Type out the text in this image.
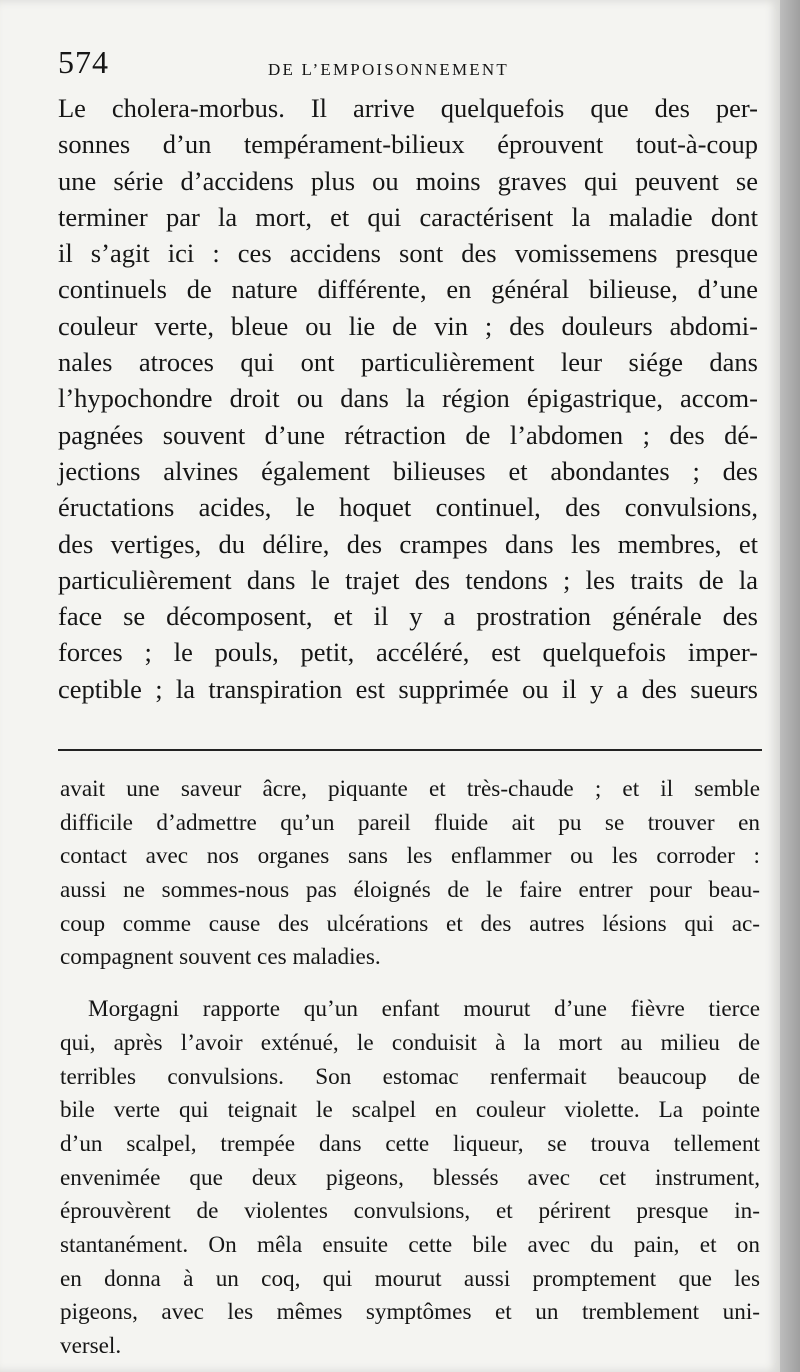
574	DE L’EMPOISONNEMENT
Le cholera-morbus. Il arrive quelquefois que des per-
sonnes d’un tempérament-bilieux éprouvent tout-à-coup
une série d’accidens plus ou moins graves qui peuvent se
terminer par la mort, et qui caractérisent la maladie dont
il s’agit ici : ces accidens sont des vomissemens presque
continuels de nature différente, en général bilieuse, d’une
couleur verte, bleue ou lie de vin ; des douleurs abdomi-
nales atroces qui ont particulièrement leur siége dans
l’hypochondre droit ou dans la région épigastrique, accom-
pagnées souvent d’une rétraction de l’abdomen ; des dé-
jections alvines également bilieuses et abondantes ; des
éructations acides, le hoquet continuel, des convulsions,
des vertiges, du délire, des crampes dans les membres, et
particulièrement dans le trajet des tendons ; les traits de la
face se décomposent, et il y a prostration générale des
forces ; le pouls, petit, accéléré, est quelquefois imper-
ceptible ; la transpiration est supprimée ou il y a des sueurs
avait une saveur âcre, piquante et très-chaude ; et il semble
difficile d’admettre qu’un pareil fluide ait pu se trouver en
contact avec nos organes sans les enflammer ou les corroder :
aussi ne sommes-nous pas éloignés de le faire entrer pour beau-
coup comme cause des ulcérations et des autres lésions qui ac-
compagnent souvent ces maladies.
Morgagni rapporte qu’un enfant mourut d’une fièvre tierce
qui, après l’avoir exténué, le conduisit à la mort au milieu de
terribles convulsions. Son estomac renfermait beaucoup de
bile verte qui teignait le scalpel en couleur violette. La pointe
d’un scalpel, trempée dans cette liqueur, se trouva tellement
envenimée que deux pigeons, blessés avec cet instrument,
éprouvèrent de violentes convulsions, et périrent presque in-
stantanément. On mêla ensuite cette bile avec du pain, et on
en donna à un coq, qui mourut aussi promptement que les
pigeons, avec les mêmes symptômes et un tremblement uni-
versel.
